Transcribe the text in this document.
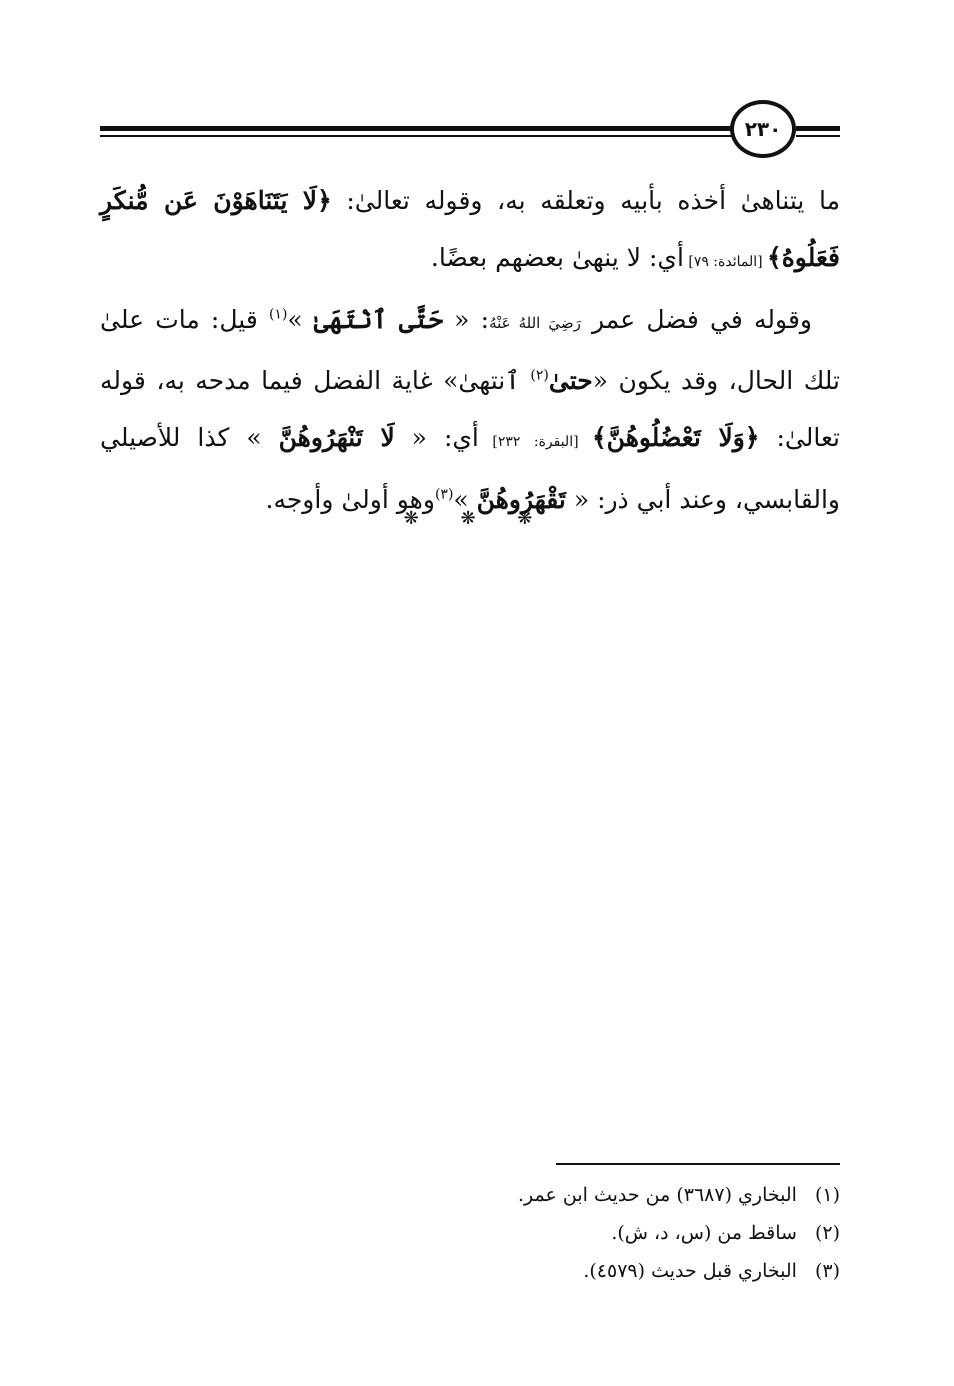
٢٣٠

ما يتناهىٰ أخذه بأبيه وتعلقه به، وقوله تعالىٰ: ﴿لَا يَتَنَاهَوْنَ عَن مُّنكَرٍ فَعَلُوهُ﴾ [المائدة: ٧٩] أي: لا ينهىٰ بعضهم بعضًا.

وقوله في فضل عمر رَضِيَ اللهُ عَنْهُ: « حَتَّى ٱنْتَهَىٰ »$^{(١)}$ قيل: مات علىٰ تلك الحال، وقد يكون «حتىٰ$^{(٢)}$ ٱنتهىٰ» غاية الفضل فيما مدحه به، قوله تعالىٰ: ﴿وَلَا تَعْضُلُوهُنَّ﴾ [البقرة: ٢٣٢] أي: « لَا تَنْهَرُوهُنَّ » كذا للأصيلي والقابسي، وعند أبي ذر: « تَقْهَرُوهُنَّ »$^{(٣)}$وهو أولىٰ وأوجه.

❋ ❋ ❋
(١)
البخاري (٣٦٨٧) من حديث ابن عمر.
(٢)
ساقط من (س، د، ش).
(٣)
البخاري قبل حديث (٤٥٧٩).
